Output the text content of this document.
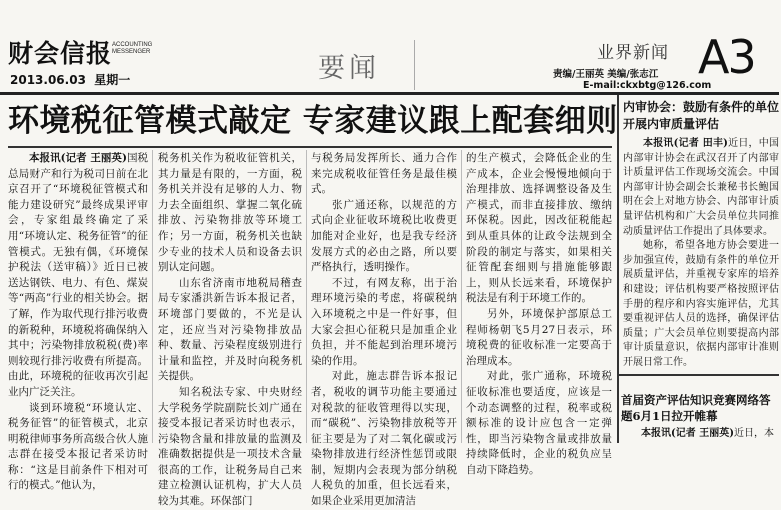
财会信报 ACCOUNTING
MESSENGER
2013.06.03 星期一	要闻	业界新闻 A3
责编/王丽英 美编/张志江
E-mail:ckxbtg@126.com
环境税征管模式敲定 专家建议跟上配套细则

本报讯(记者 王丽英)国税总局财产和行为税司日前在北京召开了“环境税征管模式和能力建设研究”最终成果评审会，专家组最终确定了采用“环境认定、税务征管”的征管模式。无独有偶，《环境保护税法（送审稿）》近日已被送达钢铁、电力、有色、煤炭等“两高”行业的相关协会。据了解，作为取代现行排污收费的新税种，环境税将确保纳入其中；污染物排放税税(费)率则较现行排污收费有所提高。由此，环境税的征收再次引起业内广泛关注。

谈到环境税“环境认定、税务征管”的征管模式，北京明税律师事务所高级合伙人施志群在接受本报记者采访时称：“这是目前条件下相对可行的模式。”他认为，

税务机关作为税收征管机关，其力量是有限的，一方面，税务机关并没有足够的人力、物力去全面组织、掌握二氧化硫排放、污染物排放等环境工作；另一方面，税务机关也缺少专业的技术人员和设备去识别认定问题。

山东省济南市地税局稽查局专家潘洪新告诉本报记者，环境部门要做的，不光是认定，还应当对污染物排放品种、数量、污染程度级别进行计量和监控，并及时向税务机关提供。

知名税法专家、中央财经大学税务学院副院长刘广通在接受本报记者采访时也表示，污染物含量和排放量的监测及准确数据提供是一项技术含量很高的工作，让税务局自己来建立检测认证机构，扩大人员较为其难。环保部门

与税务局发挥所长、通力合作来完成税收征管任务是最佳模式。

张广通还称，以规范的方式向企业征收环境税比收费更加能对企业好，也是我专经济发展方式的必由之路，所以要严格执行，透明操作。

不过，有网友称，出于治理环境污染的考虑，将碳税纳入环境税之中是一件好事，但大家会担心征税只是加重企业负担，并不能起到治理环境污染的作用。

对此，施志群告诉本报记者，税收的调节功能主要通过对税款的征收管理得以实现，而“碳税”、污染物排放税等开征主要是为了对二氧化碳或污染物排放进行经济性惩罚或限制，短期内会表现为部分纳税人税负的加重，但长远看来，如果企业采用更加清洁

的生产模式，会降低企业的生产成本，企业会慢慢地倾向于治理排放、选择调整设备及生产模式，而非直接排放、缴纳环保税。因此，因改征税能起到从重具体的让政令法规到全阶段的制定与落实，如果相关征管配套细则与措施能够跟上，则从长远来看，环境保护税法是有利于环境工作的。

另外，环境保护部原总工程师杨朝飞5月27日表示，环境税费的征收标准一定要高于治理成本。

对此，张广通称，环境税征收标准也要适度，应该是一个动态调整的过程，税率或税额标准的设计应包含一定弹性，即当污染物含量或排放量持续降低时，企业的税负应呈自动下降趋势。

内审协会：鼓励有条件的单位开展内审质量评估

本报讯(记者 田丰)近日，中国内部审计协会在武汉召开了内部审计质量评估工作现场交流会。中国内部审计协会副会长兼秘书长鲍国明在会上对地方协会、内部审计质量评估机构和广大会员单位共同推动质量评估工作提出了具体要求。

她称，希望各地方协会要进一步加强宣传，鼓励有条件的单位开展质量评估，并重视专家库的培养和建设；评估机构要严格按照评估手册的程序和内容实施评估，尤其要重视评估人员的选择，确保评估质量；广大会员单位则要提高内部审计质量意识，依据内部审计准则开展日常工作。

首届资产评估知识竞赛网络答题6月1日拉开帷幕

本报讯(记者 王丽英)近日，本
